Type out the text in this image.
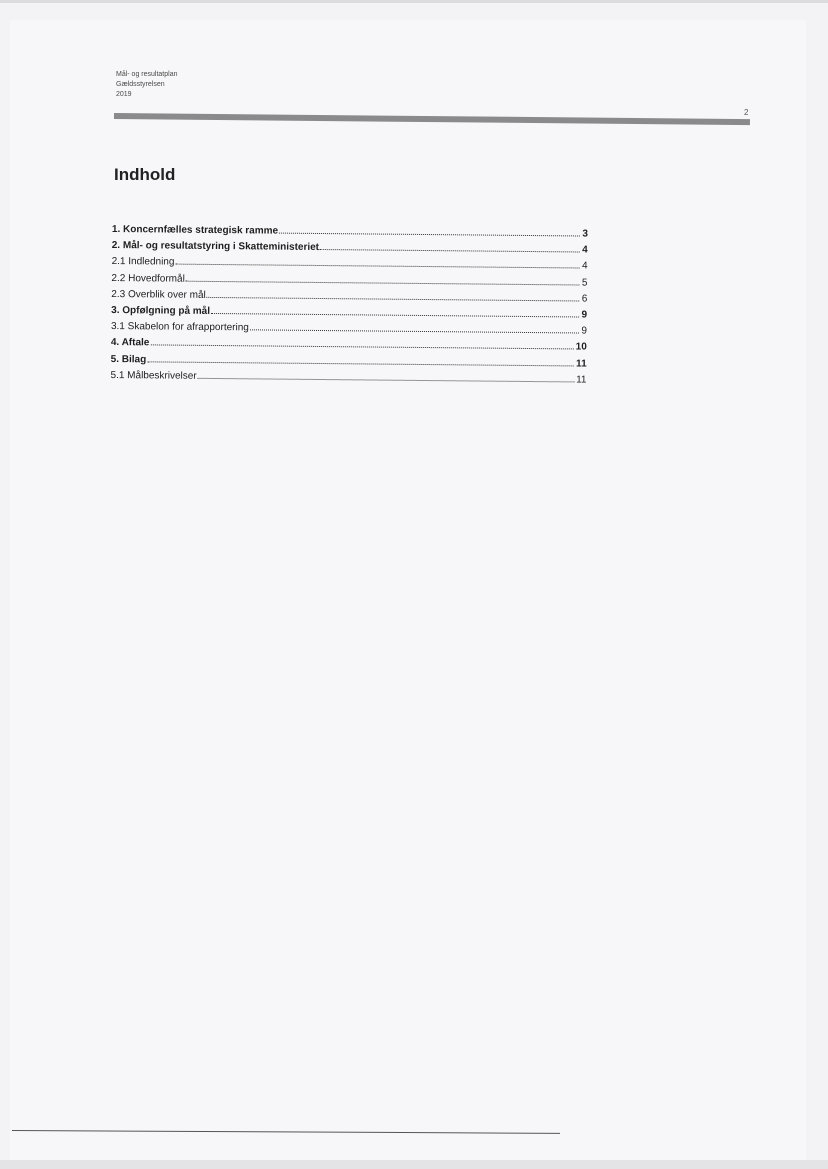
Mål- og resultatplan
Gældsstyrelsen
2019
2
Indhold
1. Koncernfælles strategisk ramme	3
2. Mål- og resultatstyring i Skatteministeriet	4
2.1 Indledning	4
2.2 Hovedformål	5
2.3 Overblik over mål	6
3. Opfølgning på mål	9
3.1 Skabelon for afrapportering	9
4. Aftale	10
5. Bilag	11
5.1 Målbeskrivelser	11
